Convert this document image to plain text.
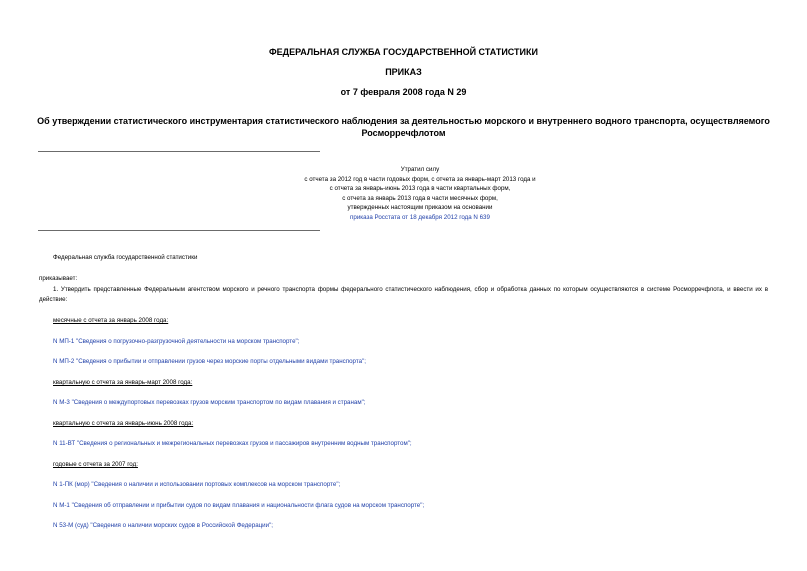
ФЕДЕРАЛЬНАЯ СЛУЖБА ГОСУДАРСТВЕННОЙ СТАТИСТИКИ
ПРИКАЗ
от 7 февраля 2008 года N 29
Об утверждении статистического инструментария статистического наблюдения за деятельностью морского и внутреннего водного транспорта, осуществляемого Росморречфлотом
Утратил силу
с отчета за 2012 год в части годовых форм, с отчета за январь-март 2013 года и
с отчета за январь-июнь 2013 года в части квартальных форм,
с отчета за январь 2013 года в части месячных форм,
утвержденных настоящим приказом на основании
приказа Росстата от 18 декабря 2012 года N 639
Федеральная служба государственной статистики
приказывает:
1. Утвердить представленные Федеральным агентством морского и речного транспорта формы федерального статистического наблюдения, сбор и обработка данных по которым осуществляются в системе Росморречфлота, и ввести их в действие:
месячные с отчета за январь 2008 года:
N МП-1 "Сведения о погрузочно-разгрузочной деятельности на морском транспорте";
N МП-2 "Сведения о прибытии и отправлении грузов через морские порты отдельными видами транспорта";
квартальную с отчета за январь-март 2008 года:
N М-3 "Сведения о междупортовых перевозках грузов морским транспортом по видам плавания и странам";
квартальную с отчета за январь-июнь 2008 года:
N 11-ВТ "Сведения о региональных и межрегиональных перевозках грузов и пассажиров внутренним водным транспортом";
годовые с отчета за 2007 год:
N 1-ПК (мор) "Сведения о наличии и использовании портовых комплексов на морском транспорте";
N М-1 "Сведения об отправлении и прибытии судов по видам плавания и национальности флага судов на морском транспорте";
N 53-М (суд) "Сведения о наличии морских судов в Российской Федерации";
